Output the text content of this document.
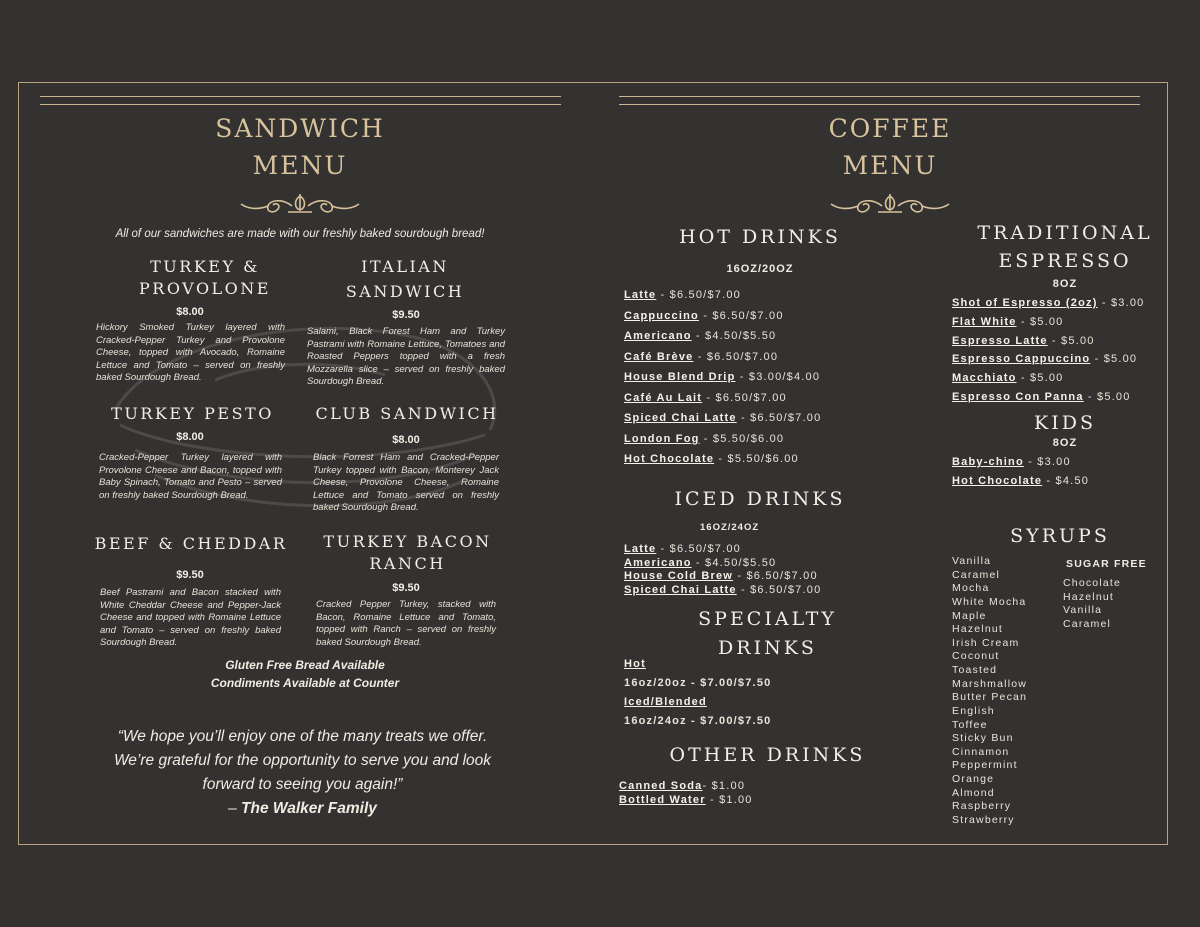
SANDWICH
MENU
All of our sandwiches are made with our freshly baked sourdough bread!
TURKEY &
PROVOLONE
$8.00
Hickory Smoked Turkey layered with Cracked-Pepper Turkey and Provolone Cheese, topped with Avocado, Romaine Lettuce and Tomato – served on freshly baked Sourdough Bread.
ITALIAN
SANDWICH
$9.50
Salami, Black Forest Ham and Turkey Pastrami with Romaine Lettuce, Tomatoes and Roasted Peppers topped with a fresh Mozzarella slice – served on freshly baked Sourdough Bread.
TURKEY PESTO
$8.00
Cracked-Pepper Turkey layered with Provolone Cheese and Bacon, topped with Baby Spinach, Tomato and Pesto – served on freshly baked Sourdough Bread.
CLUB SANDWICH
$8.00
Black Forrest Ham and Cracked-Pepper Turkey topped with Bacon, Monterey Jack Cheese, Provolone Cheese, Romaine Lettuce and Tomato served on freshly baked Sourdough Bread.
BEEF & CHEDDAR
$9.50
Beef Pastrami and Bacon stacked with White Cheddar Cheese and Pepper-Jack Cheese and topped with Romaine Lettuce and Tomato – served on freshly baked Sourdough Bread.
TURKEY BACON
RANCH
$9.50
Cracked Pepper Turkey, stacked with Bacon, Romaine Lettuce and Tomato, topped with Ranch – served on freshly baked Sourdough Bread.
Gluten Free Bread Available
Condiments Available at Counter
“We hope you’ll enjoy one of the many treats we offer.
We’re grateful for the opportunity to serve you and look
forward to seeing you again!”
– The Walker Family
COFFEE
MENU
HOT DRINKS
16OZ/20OZ
Latte - $6.50/$7.00
Cappuccino - $6.50/$7.00
Americano - $4.50/$5.50
Café Brève - $6.50/$7.00
House Blend Drip - $3.00/$4.00
Café Au Lait - $6.50/$7.00
Spiced Chai Latte - $6.50/$7.00
London Fog - $5.50/$6.00
Hot Chocolate - $5.50/$6.00
ICED DRINKS
16OZ/24OZ
Latte - $6.50/$7.00
Americano - $4.50/$5.50
House Cold Brew - $6.50/$7.00
Spiced Chai Latte - $6.50/$7.00
SPECIALTY
DRINKS
Hot
16oz/20oz - $7.00/$7.50
Iced/Blended
16oz/24oz - $7.00/$7.50
OTHER DRINKS
Canned Soda- $1.00
Bottled Water - $1.00
TRADITIONAL
ESPRESSO
8OZ
Shot of Espresso (2oz) - $3.00
Flat White - $5.00
Espresso Latte - $5.00
Espresso Cappuccino - $5.00
Macchiato - $5.00
Espresso Con Panna - $5.00
KIDS
8OZ
Baby-chino - $3.00
Hot Chocolate - $4.50
SYRUPS
Vanilla
Caramel
Mocha
White Mocha
Maple
Hazelnut
Irish Cream
Coconut
Toasted
Marshmallow
Butter Pecan
English
Toffee
Sticky Bun
Cinnamon
Peppermint
Orange
Almond
Raspberry
Strawberry
SUGAR FREE
Chocolate
Hazelnut
Vanilla
Caramel
